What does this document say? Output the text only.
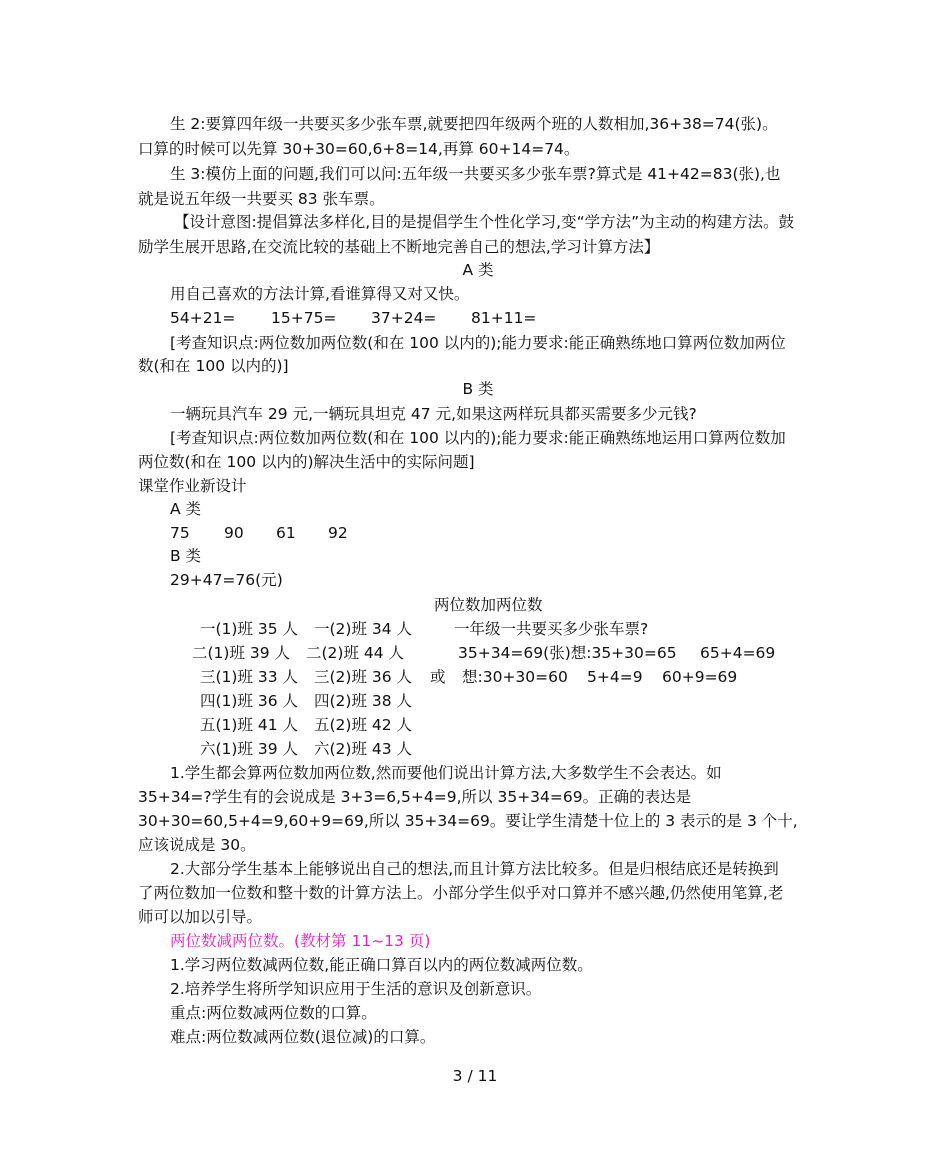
生 2:要算四年级一共要买多少张车票,就要把四年级两个班的人数相加,36+38=74(张)。
口算的时候可以先算 30+30=60,6+8=14,再算 60+14=74。
生 3:模仿上面的问题,我们可以问:五年级一共要买多少张车票?算式是 41+42=83(张),也
就是说五年级一共要买 83 张车票。
【设计意图:提倡算法多样化,目的是提倡学生个性化学习,变“学方法”为主动的构建方法。鼓
励学生展开思路,在交流比较的基础上不断地完善自己的想法,学习计算方法】
A 类
用自己喜欢的方法计算,看谁算得又对又快。
54+21= 15+75= 37+24= 81+11=
[考查知识点:两位数加两位数(和在 100 以内的);能力要求:能正确熟练地口算两位数加两位
数(和在 100 以内的)]
B 类
一辆玩具汽车 29 元,一辆玩具坦克 47 元,如果这两样玩具都买需要多少元钱?
[考查知识点:两位数加两位数(和在 100 以内的);能力要求:能正确熟练地运用口算两位数加
两位数(和在 100 以内的)解决生活中的实际问题]
课堂作业新设计
A 类
75 90 61 92
B 类
29+47=76(元)
两位数加两位数
一(1)班 35 人 一(2)班 34 人	一年级一共要买多少张车票?
二(1)班 39 人 二(2)班 44 人	35+34=69(张)想:35+30=65 65+4=69
三(1)班 33 人 三(2)班 36 人 或 想:30+30=60 5+4=9 60+9=69
四(1)班 36 人 四(2)班 38 人
五(1)班 41 人 五(2)班 42 人
六(1)班 39 人 六(2)班 43 人
1.学生都会算两位数加两位数,然而要他们说出计算方法,大多数学生不会表达。如
35+34=?学生有的会说成是 3+3=6,5+4=9,所以 35+34=69。正确的表达是
30+30=60,5+4=9,60+9=69,所以 35+34=69。要让学生清楚十位上的 3 表示的是 3 个十,
应该说成是 30。
2.大部分学生基本上能够说出自己的想法,而且计算方法比较多。但是归根结底还是转换到
了两位数加一位数和整十数的计算方法上。小部分学生似乎对口算并不感兴趣,仍然使用笔算,老
师可以加以引导。
两位数减两位数。(教材第 11~13 页)
1.学习两位数减两位数,能正确口算百以内的两位数减两位数。
2.培养学生将所学知识应用于生活的意识及创新意识。
重点:两位数减两位数的口算。
难点:两位数减两位数(退位减)的口算。
3 / 11
